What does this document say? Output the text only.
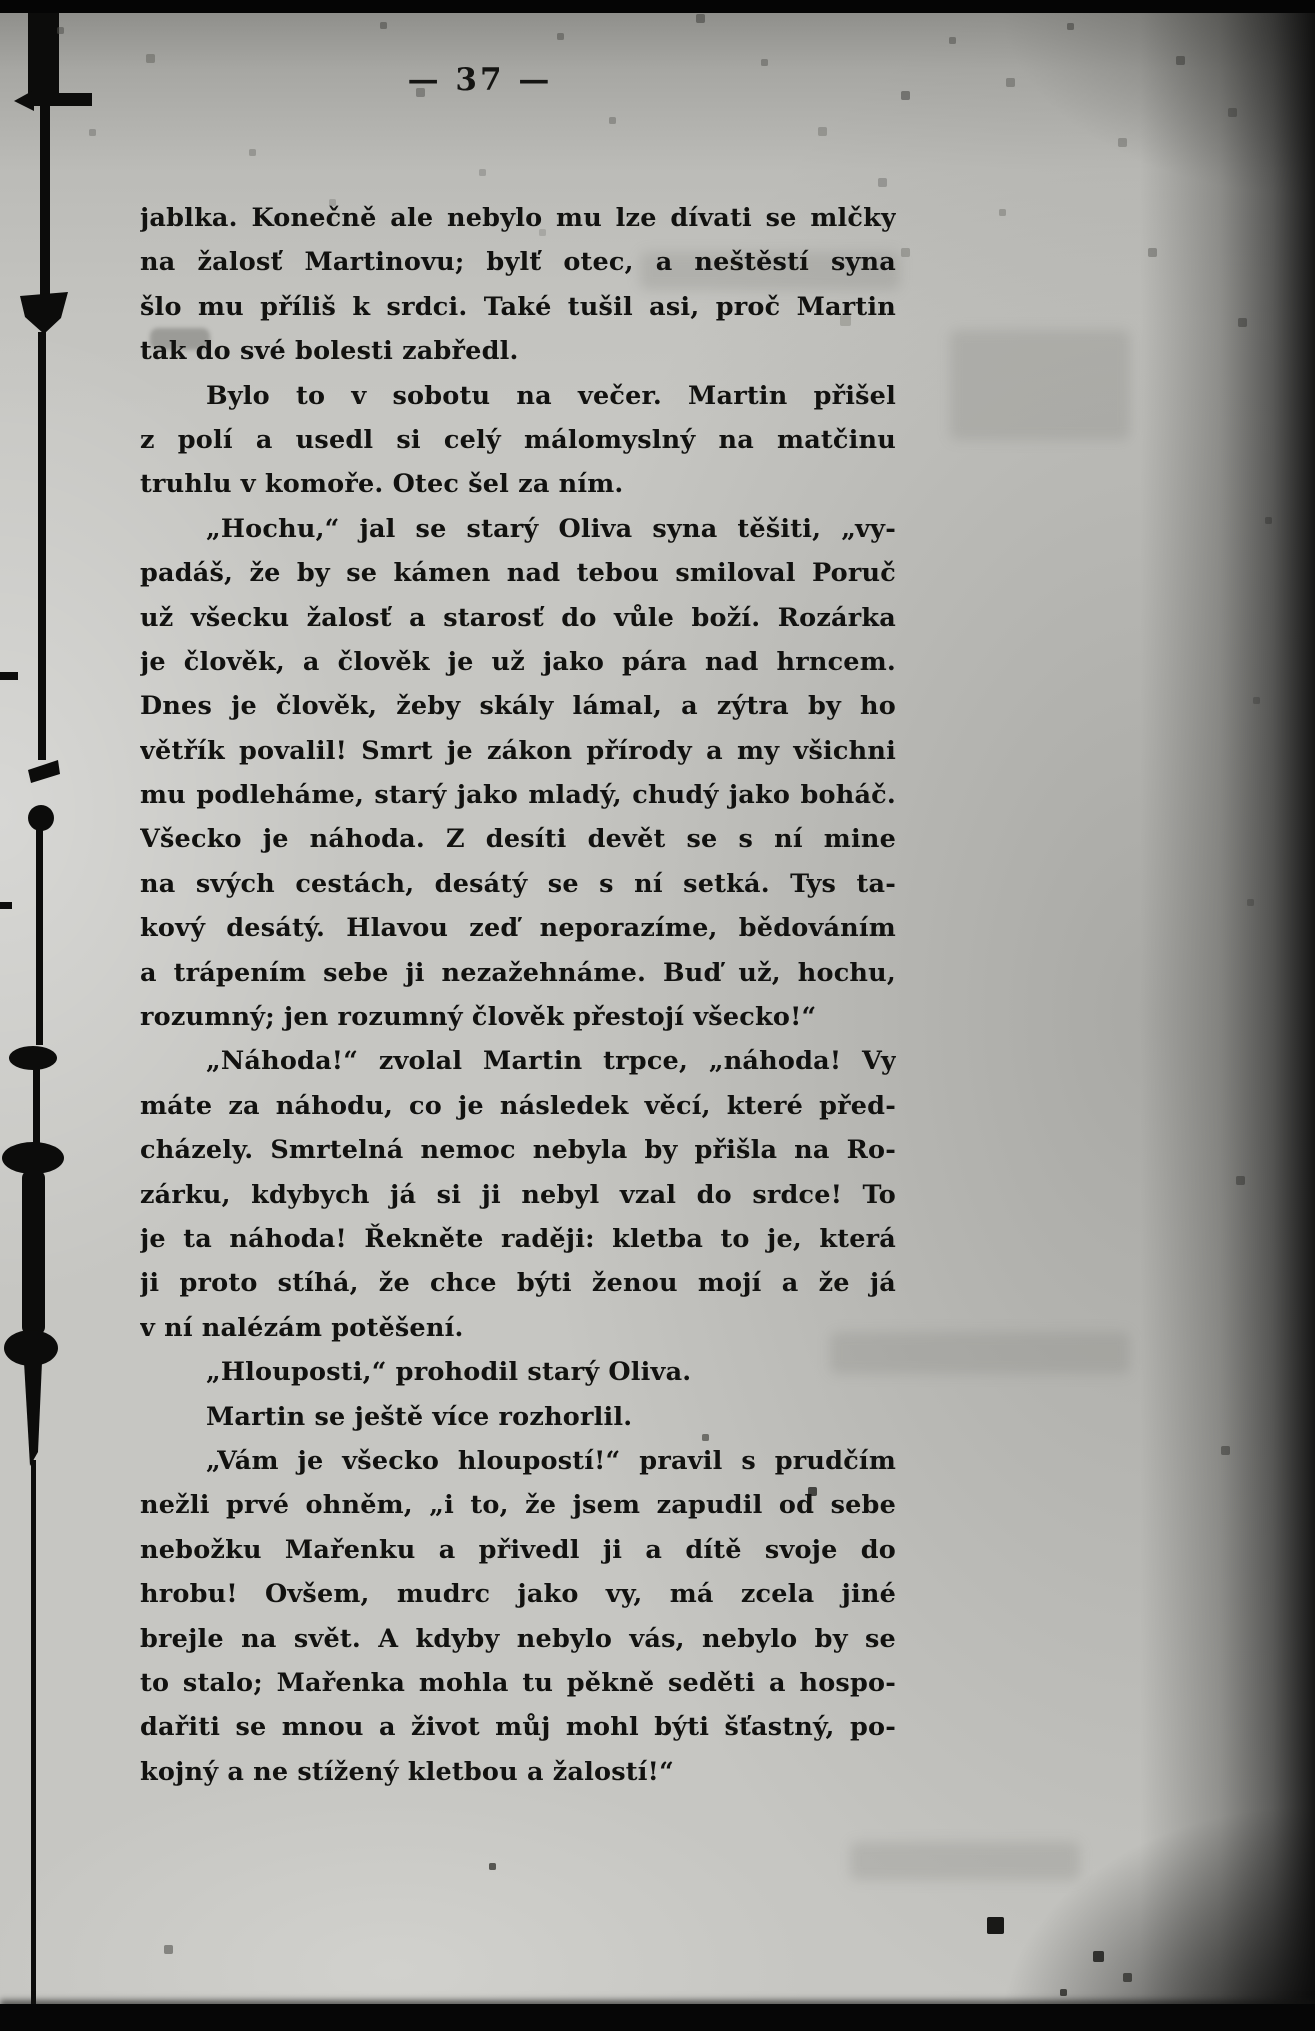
— 37 —
jablka. Konečně ale nebylo mu lze dívati se mlčky
na žalosť Martinovu; bylť otec, a neštěstí syna
šlo mu příliš k srdci. Také tušil asi, proč Martin
tak do své bolesti zabředl.
Bylo to v sobotu na večer. Martin přišel
z polí a usedl si celý málomyslný na matčinu
truhlu v komoře. Otec šel za ním.
„Hochu,“ jal se starý Oliva syna těšiti, „vy-
padáš, že by se kámen nad tebou smiloval Poruč
už všecku žalosť a starosť do vůle boží. Rozárka
je člověk, a člověk je už jako pára nad hrncem.
Dnes je člověk, žeby skály lámal, a zýtra by ho
větřík povalil! Smrt je zákon přírody a my všichni
mu podleháme, starý jako mladý, chudý jako boháč.
Všecko je náhoda. Z desíti devět se s ní mine
na svých cestách, desátý se s ní setká. Tys ta-
kový desátý. Hlavou zeď neporazíme, bědováním
a trápením sebe ji nezažehnáme. Buď už, hochu,
rozumný; jen rozumný člověk přestojí všecko!“
„Náhoda!“ zvolal Martin trpce, „náhoda! Vy
máte za náhodu, co je následek věcí, které před-
cházely. Smrtelná nemoc nebyla by přišla na Ro-
zárku, kdybych já si ji nebyl vzal do srdce! To
je ta náhoda! Řekněte raději: kletba to je, která
ji proto stíhá, že chce býti ženou mojí a že já
v ní nalézám potěšení.
„Hlouposti,“ prohodil starý Oliva.
Martin se ještě více rozhorlil.
„Vám je všecko hloupostí!“ pravil s prudčím
nežli prvé ohněm, „i to, že jsem zapudil od sebe
nebožku Mařenku a přivedl ji a dítě svoje do
hrobu! Ovšem, mudrc jako vy, má zcela jiné
brejle na svět. A kdyby nebylo vás, nebylo by se
to stalo; Mařenka mohla tu pěkně seděti a hospo-
dařiti se mnou a život můj mohl býti šťastný, po-
kojný a ne stížený kletbou a žalostí!“
